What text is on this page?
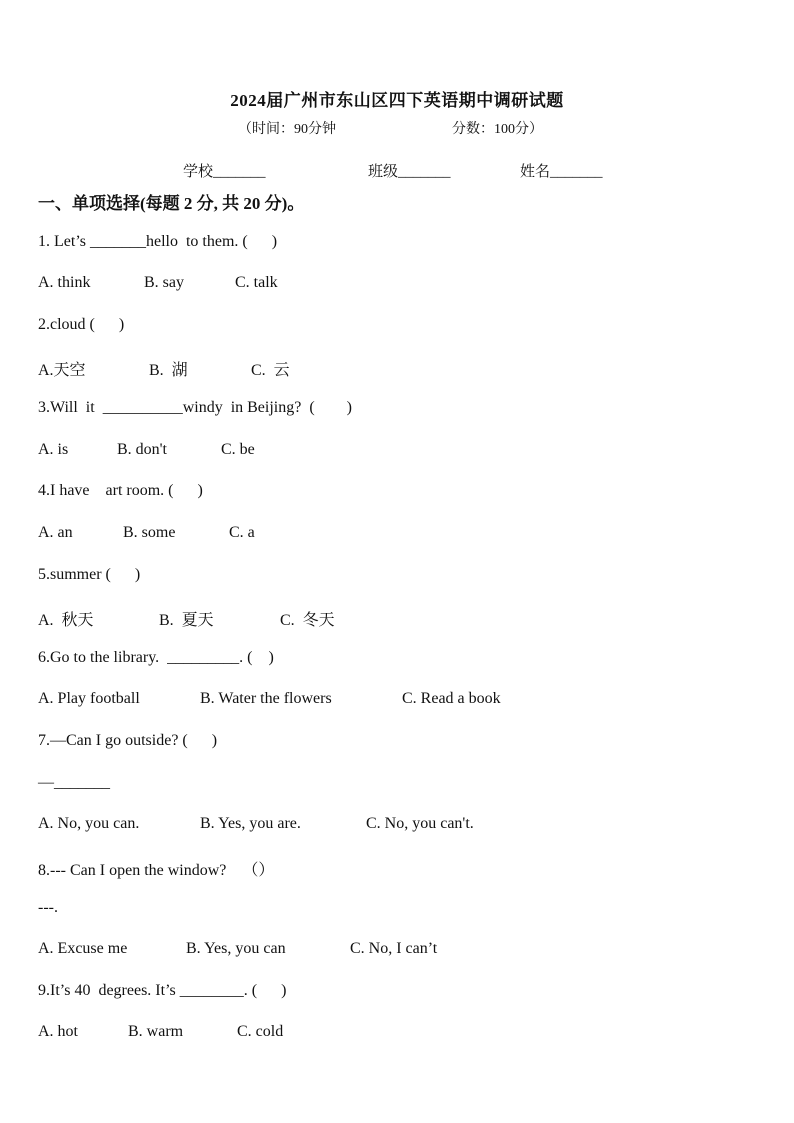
2024届广州市东山区四下英语期中调研试题
（时间：90分钟	分数：100分）
学校_______	班级_______	姓名_______
一、单项选择(每题 2 分, 共 20 分)。
1. Let’s _______hello  to them. (      )
A. think	B. say	C. talk
2.cloud (      )
A.天空	B.  湖	C.  云
3.Will  it  __________windy  in Beijing?  (        )
A. is	B. don't	C. be
4.I have    art room. (      )
A. an	B. some	C. a
5.summer (      )
A.  秋天	B.  夏天	C.  冬天
6.Go to the library.  _________. (    )
A. Play football	B. Water the flowers	C. Read a book
7.—Can I go outside? (      )
—_______
A. No, you can.	B. Yes, you are.	C. No, you can't.
8.--- Can I open the window?    （）
---.
A. Excuse me	B. Yes, you can	C. No, I can’t
9.It’s 40  degrees. It’s ________. (      )
A. hot	B. warm	C. cold
